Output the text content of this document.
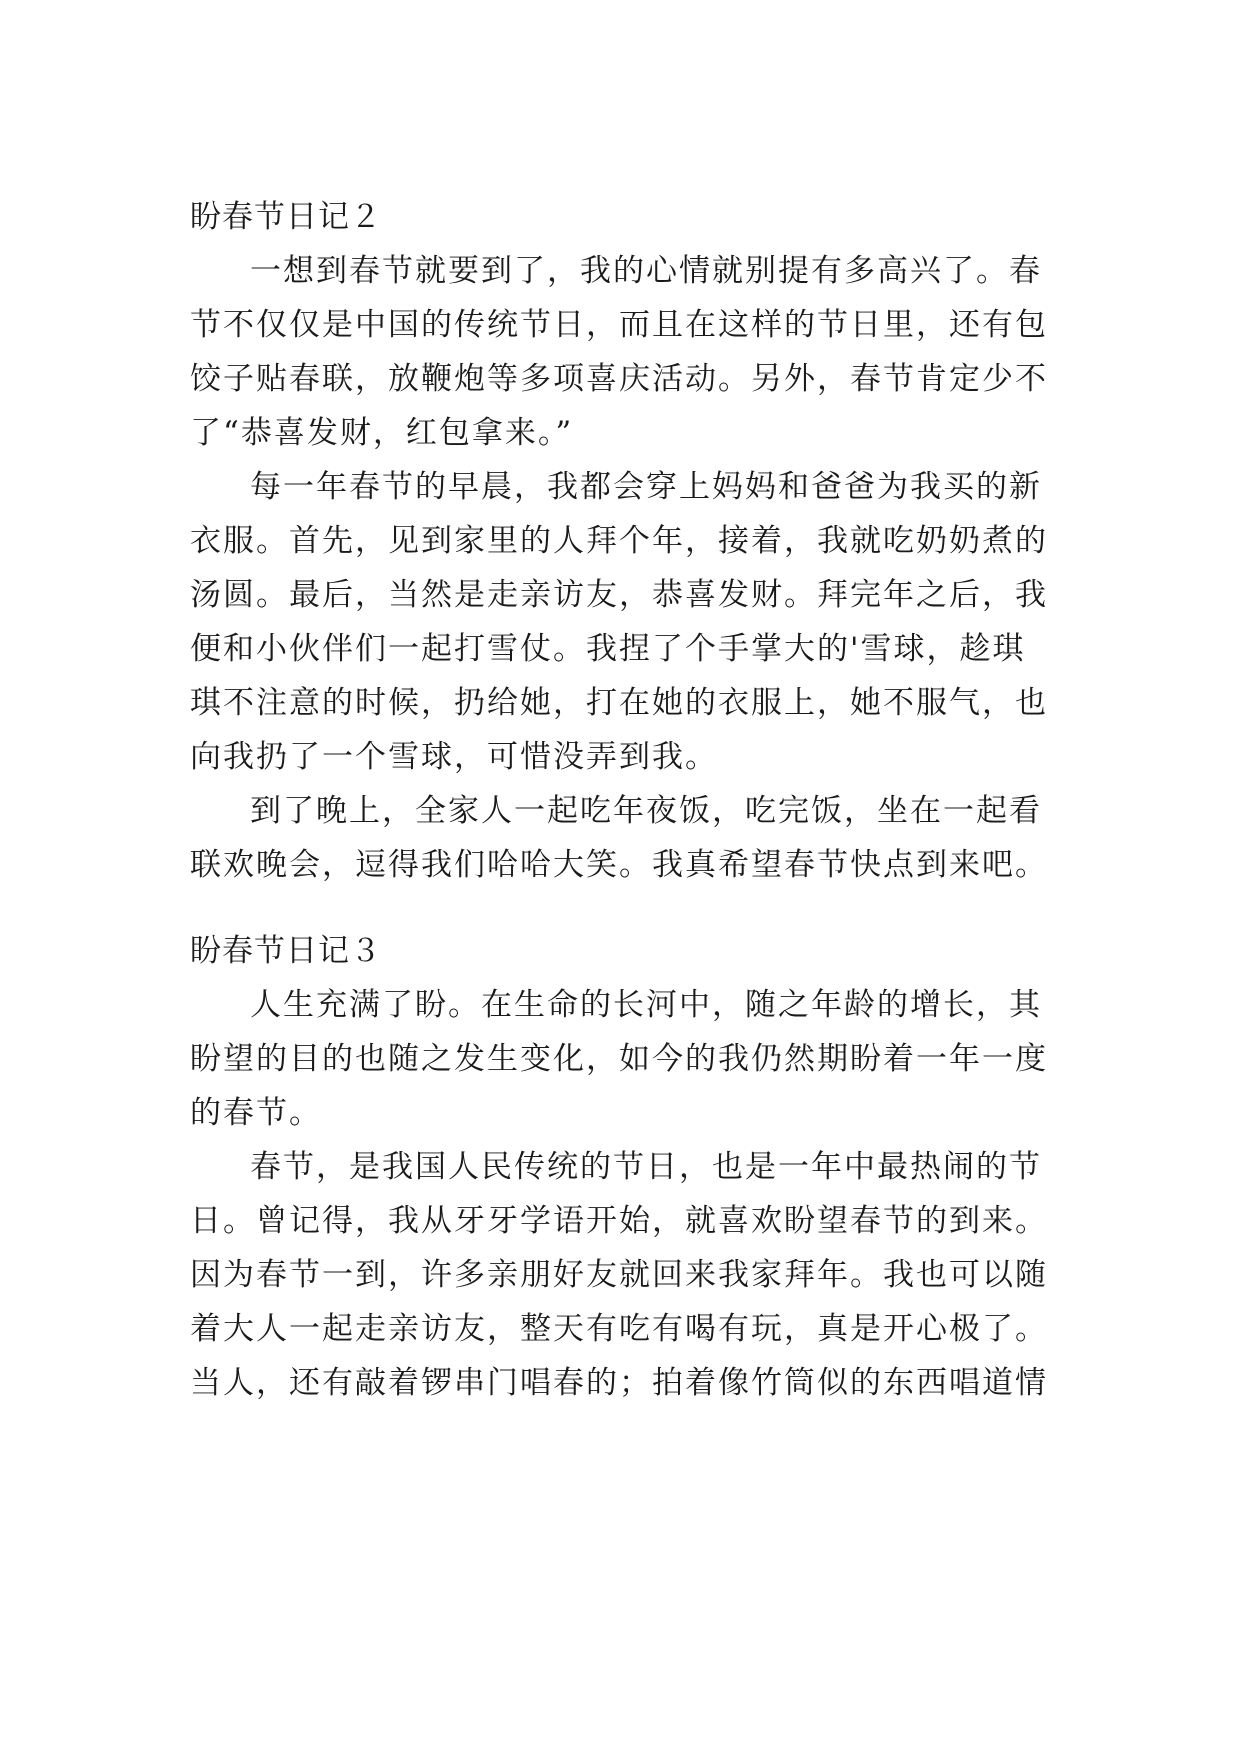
盼春节日记２
一想到春节就要到了，我的心情就别提有多高兴了。春
节不仅仅是中国的传统节日，而且在这样的节日里，还有包
饺子贴春联，放鞭炮等多项喜庆活动。另外，春节肯定少不
了“恭喜发财，红包拿来。”
每一年春节的早晨，我都会穿上妈妈和爸爸为我买的新
衣服。首先，见到家里的人拜个年，接着，我就吃奶奶煮的
汤圆。最后，当然是走亲访友，恭喜发财。拜完年之后，我
便和小伙伴们一起打雪仗。我捏了个手掌大的'雪球，趁琪
琪不注意的时候，扔给她，打在她的衣服上，她不服气，也
向我扔了一个雪球，可惜没弄到我。
到了晚上，全家人一起吃年夜饭，吃完饭，坐在一起看
联欢晚会，逗得我们哈哈大笑。我真希望春节快点到来吧。
盼春节日记３
人生充满了盼。在生命的长河中，随之年龄的增长，其
盼望的目的也随之发生变化，如今的我仍然期盼着一年一度
的春节。
春节，是我国人民传统的节日，也是一年中最热闹的节
日。曾记得，我从牙牙学语开始，就喜欢盼望春节的到来。
因为春节一到，许多亲朋好友就回来我家拜年。我也可以随
着大人一起走亲访友，整天有吃有喝有玩，真是开心极了。
当人，还有敲着锣串门唱春的；拍着像竹筒似的东西唱道情
